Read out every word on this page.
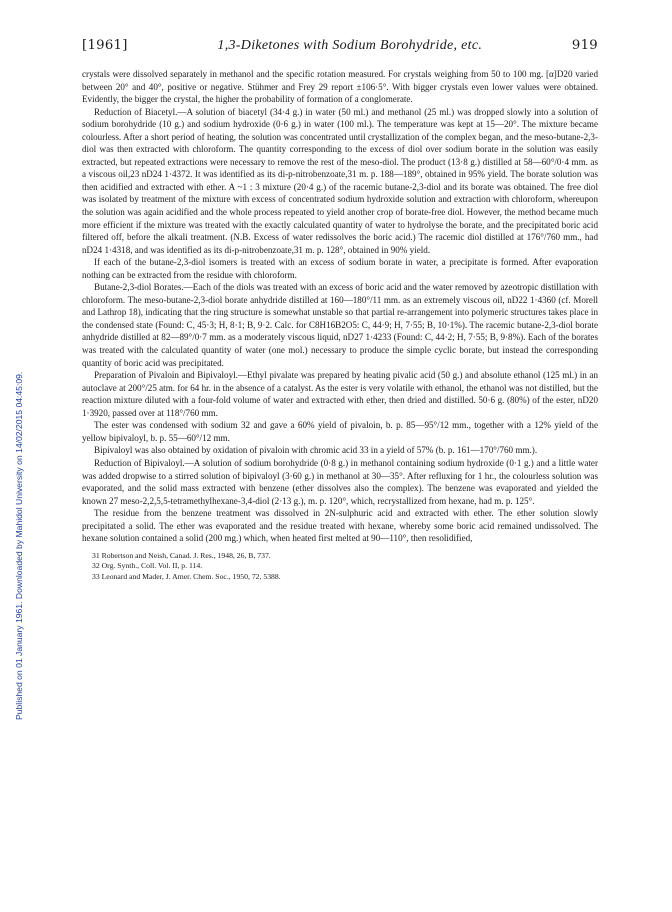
Published on 01 January 1961. Downloaded by Mahidol University on 14/02/2015 04:45:09.
[1961]	1,3-Diketones with Sodium Borohydride, etc.	919

crystals were dissolved separately in methanol and the specific rotation measured. For crystals weighing from 50 to 100 mg. [α]D20 varied between 20° and 40°, positive or negative. Stühmer and Frey 29 report ±106·5°. With bigger crystals even lower values were obtained. Evidently, the bigger the crystal, the higher the probability of formation of a conglomerate.

Reduction of Biacetyl.—A solution of biacetyl (34·4 g.) in water (50 ml.) and methanol (25 ml.) was dropped slowly into a solution of sodium borohydride (10 g.) and sodium hydroxide (0·6 g.) in water (100 ml.). The temperature was kept at 15—20°. The mixture became colourless. After a short period of heating, the solution was concentrated until crystallization of the complex began, and the meso-butane-2,3-diol was then extracted with chloroform. The quantity corresponding to the excess of diol over sodium borate in the solution was easily extracted, but repeated extractions were necessary to remove the rest of the meso-diol. The product (13·8 g.) distilled at 58—60°/0·4 mm. as a viscous oil,23 nD24 1·4372. It was identified as its di-p-nitrobenzoate,31 m. p. 188—189°, obtained in 95% yield. The borate solution was then acidified and extracted with ether. A ~1 : 3 mixture (20·4 g.) of the racemic butane-2,3-diol and its borate was obtained. The free diol was isolated by treatment of the mixture with excess of concentrated sodium hydroxide solution and extraction with chloroform, whereupon the solution was again acidified and the whole process repeated to yield another crop of borate-free diol. However, the method became much more efficient if the mixture was treated with the exactly calculated quantity of water to hydrolyse the borate, and the precipitated boric acid filtered off, before the alkali treatment. (N.B. Excess of water redissolves the boric acid.) The racemic diol distilled at 176°/760 mm., had nD24 1·4318, and was identified as its di-p-nitrobenzoate,31 m. p. 128°, obtained in 90% yield.

If each of the butane-2,3-diol isomers is treated with an excess of sodium borate in water, a precipitate is formed. After evaporation nothing can be extracted from the residue with chloroform.

Butane-2,3-diol Borates.—Each of the diols was treated with an excess of boric acid and the water removed by azeotropic distillation with chloroform. The meso-butane-2,3-diol borate anhydride distilled at 160—180°/11 mm. as an extremely viscous oil, nD22 1·4360 (cf. Morell and Lathrop 18), indicating that the ring structure is somewhat unstable so that partial re-arrangement into polymeric structures takes place in the condensed state (Found: C, 45·3; H, 8·1; B, 9·2. Calc. for C8H16B2O5: C, 44·9; H, 7·55; B, 10·1%). The racemic butane-2,3-diol borate anhydride distilled at 82—89°/0·7 mm. as a moderately viscous liquid, nD27 1·4233 (Found: C, 44·2; H, 7·55; B, 9·8%). Each of the borates was treated with the calculated quantity of water (one mol.) necessary to produce the simple cyclic borate, but instead the corresponding quantity of boric acid was precipitated.

Preparation of Pivaloin and Bipivaloyl.—Ethyl pivalate was prepared by heating pivalic acid (50 g.) and absolute ethanol (125 ml.) in an autoclave at 200°/25 atm. for 64 hr. in the absence of a catalyst. As the ester is very volatile with ethanol, the ethanol was not distilled, but the reaction mixture diluted with a four-fold volume of water and extracted with ether, then dried and distilled. 50·6 g. (80%) of the ester, nD20 1·3920, passed over at 118°/760 mm.

The ester was condensed with sodium 32 and gave a 60% yield of pivaloin, b. p. 85—95°/12 mm., together with a 12% yield of the yellow bipivaloyl, b. p. 55—60°/12 mm.

Bipivaloyl was also obtained by oxidation of pivaloin with chromic acid 33 in a yield of 57% (b. p. 161—170°/760 mm.).

Reduction of Bipivaloyl.—A solution of sodium borohydride (0·8 g.) in methanol containing sodium hydroxide (0·1 g.) and a little water was added dropwise to a stirred solution of bipivaloyl (3·60 g.) in methanol at 30—35°. After refluxing for 1 hr., the colourless solution was evaporated, and the solid mass extracted with benzene (ether dissolves also the complex). The benzene was evaporated and yielded the known 27 meso-2,2,5,5-tetramethylhexane-3,4-diol (2·13 g.), m. p. 120°, which, recrystallized from hexane, had m. p. 125°.

The residue from the benzene treatment was dissolved in 2N-sulphuric acid and extracted with ether. The ether solution slowly precipitated a solid. The ether was evaporated and the residue treated with hexane, whereby some boric acid remained undissolved. The hexane solution contained a solid (200 mg.) which, when heated first melted at 90—110°, then resolidified,

31 Robertson and Neish, Canad. J. Res., 1948, 26, B, 737.
32 Org. Synth., Coll. Vol. II, p. 114.
33 Leonard and Mader, J. Amer. Chem. Soc., 1950, 72, 5388.
